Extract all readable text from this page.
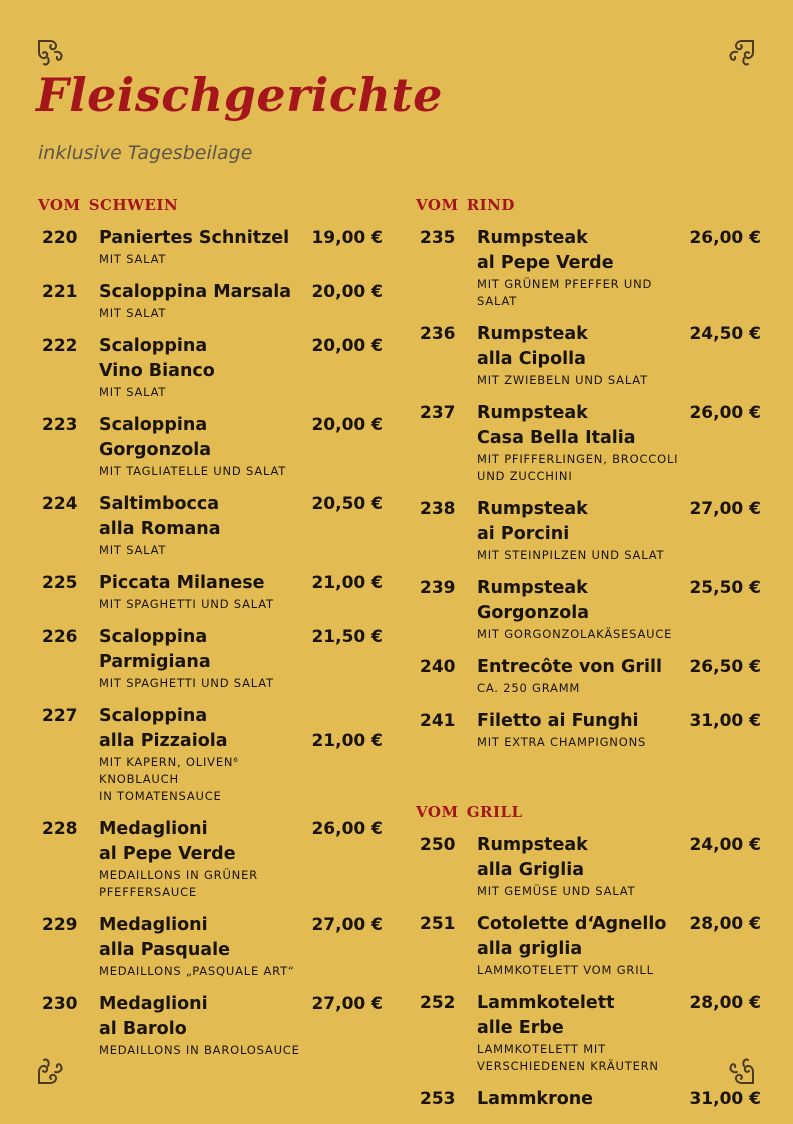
Fleischgerichte
inklusive Tagesbeilage
vom schwein
220	Paniertes Schnitzel
MIT SALAT
19,00 €
221	Scaloppina Marsala
MIT SALAT
20,00 €
222	Scaloppina
Vino Bianco
MIT SALAT
20,00 €
223	Scaloppina
Gorgonzola
MIT TAGLIATELLE UND SALAT
20,00 €
224	Saltimbocca
alla Romana
MIT SALAT
20,50 €
225	Piccata Milanese
MIT SPAGHETTI UND SALAT
21,00 €
226	Scaloppina
Parmigiana
MIT SPAGHETTI UND SALAT
21,50 €
227	Scaloppina
alla Pizzaiola
MIT KAPERN, OLIVEN⁶ KNOBLAUCH
IN TOMATENSAUCE
21,00 €
228	Medaglioni
al Pepe Verde
MEDAILLONS IN GRÜNER PFEFFERSAUCE
26,00 €
229	Medaglioni
alla Pasquale
MEDAILLONS „PASQUALE ART“
27,00 €
230	Medaglioni
al Barolo
MEDAILLONS IN BAROLOSAUCE
27,00 €
vom rind
235	Rumpsteak
al Pepe Verde
MIT GRÜNEM PFEFFER UND SALAT
26,00 €
236	Rumpsteak
alla Cipolla
MIT ZWIEBELN UND SALAT
24,50 €
237	Rumpsteak
Casa Bella Italia
MIT PFIFFERLINGEN, BROCCOLI
UND ZUCCHINI
26,00 €
238	Rumpsteak
ai Porcini
MIT STEINPILZEN UND SALAT
27,00 €
239	Rumpsteak
Gorgonzola
MIT GORGONZOLAKÄSESAUCE
25,50 €
240	Entrecôte von Grill
CA. 250 GRAMM
26,50 €
241	Filetto ai Funghi
MIT EXTRA CHAMPIGNONS
31,00 €
vom grill
250	Rumpsteak
alla Griglia
MIT GEMÜSE UND SALAT
24,00 €
251	Cotolette d‘Agnello
alla griglia
LAMMKOTELETT VOM GRILL
28,00 €
252	Lammkotelett
alle Erbe
LAMMKOTELETT MIT
VERSCHIEDENEN KRÄUTERN
28,00 €
253	Lammkrone	31,00 €
